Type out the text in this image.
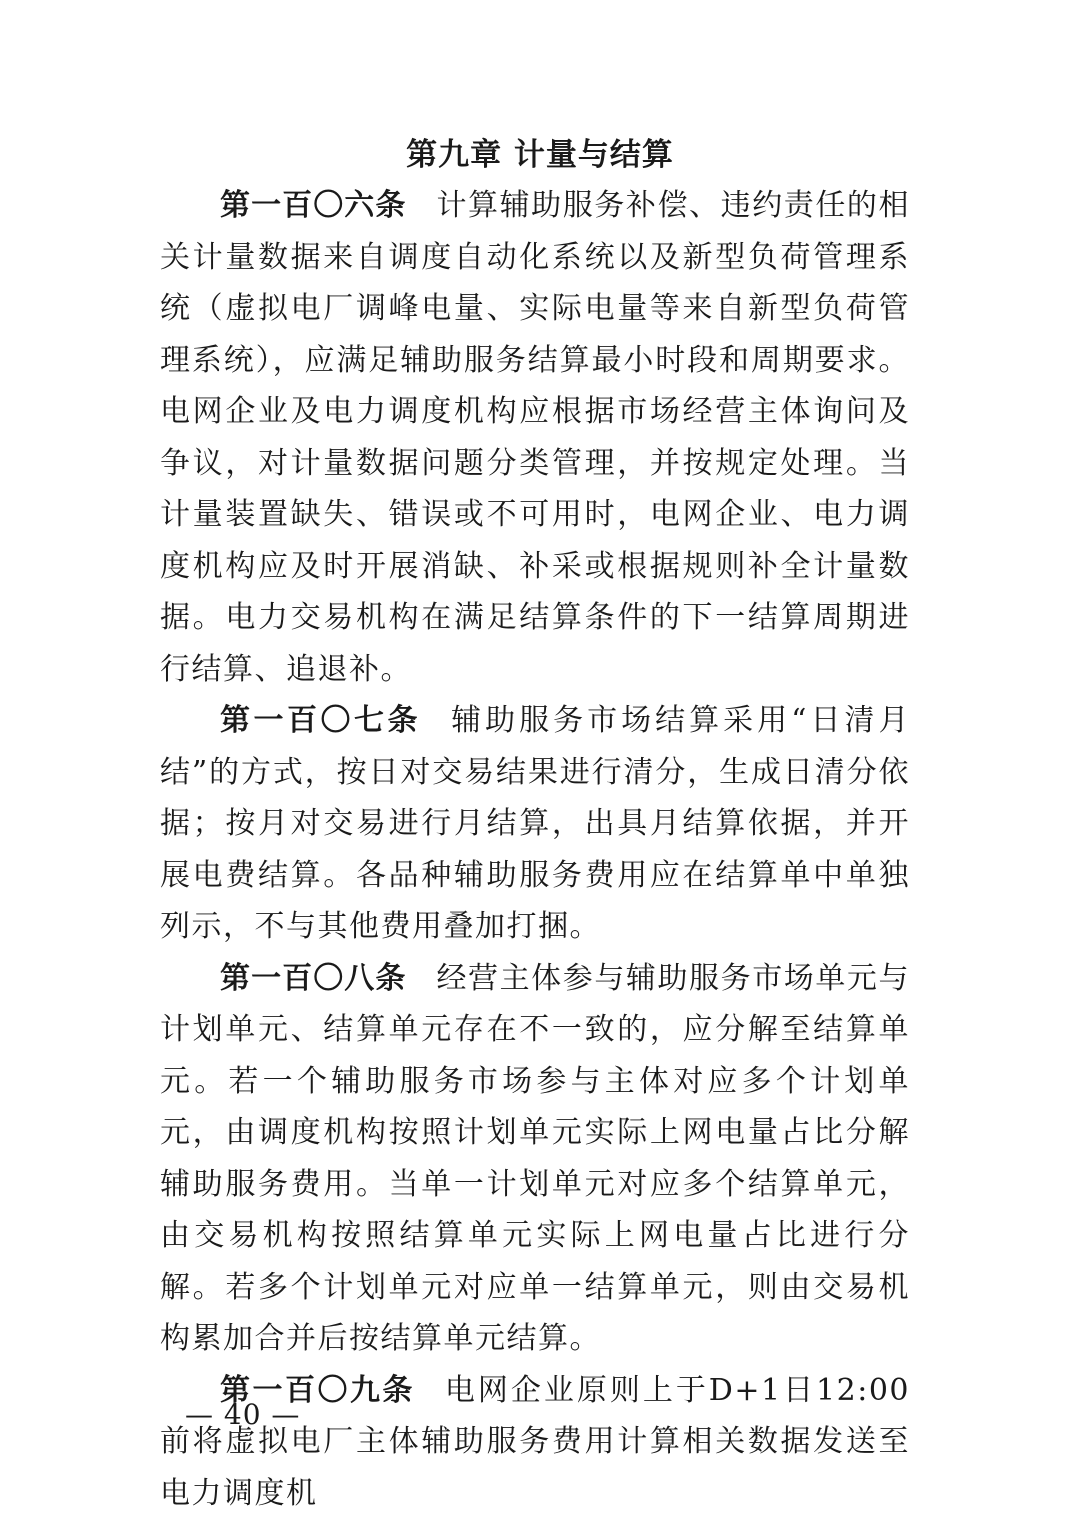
第九章 计量与结算

第一百〇六条 计算辅助服务补偿、违约责任的相关计量数据来自调度自动化系统以及新型负荷管理系统（虚拟电厂调峰电量、实际电量等来自新型负荷管理系统），应满足辅助服务结算最小时段和周期要求。电网企业及电力调度机构应根据市场经营主体询问及争议，对计量数据问题分类管理，并按规定处理。当计量装置缺失、错误或不可用时，电网企业、电力调度机构应及时开展消缺、补采或根据规则补全计量数据。电力交易机构在满足结算条件的下一结算周期进行结算、追退补。

第一百〇七条 辅助服务市场结算采用“日清月结”的方式，按日对交易结果进行清分，生成日清分依据；按月对交易进行月结算，出具月结算依据，并开展电费结算。各品种辅助服务费用应在结算单中单独列示，不与其他费用叠加打捆。

第一百〇八条 经营主体参与辅助服务市场单元与计划单元、结算单元存在不一致的，应分解至结算单元。若一个辅助服务市场参与主体对应多个计划单元，由调度机构按照计划单元实际上网电量占比分解辅助服务费用。当单一计划单元对应多个结算单元，由交易机构按照结算单元实际上网电量占比进行分解。若多个计划单元对应单一结算单元，则由交易机构累加合并后按结算单元结算。

第一百〇九条 电网企业原则上于D+1日12:00前将虚拟电厂主体辅助服务费用计算相关数据发送至电力调度机

— 40 —
